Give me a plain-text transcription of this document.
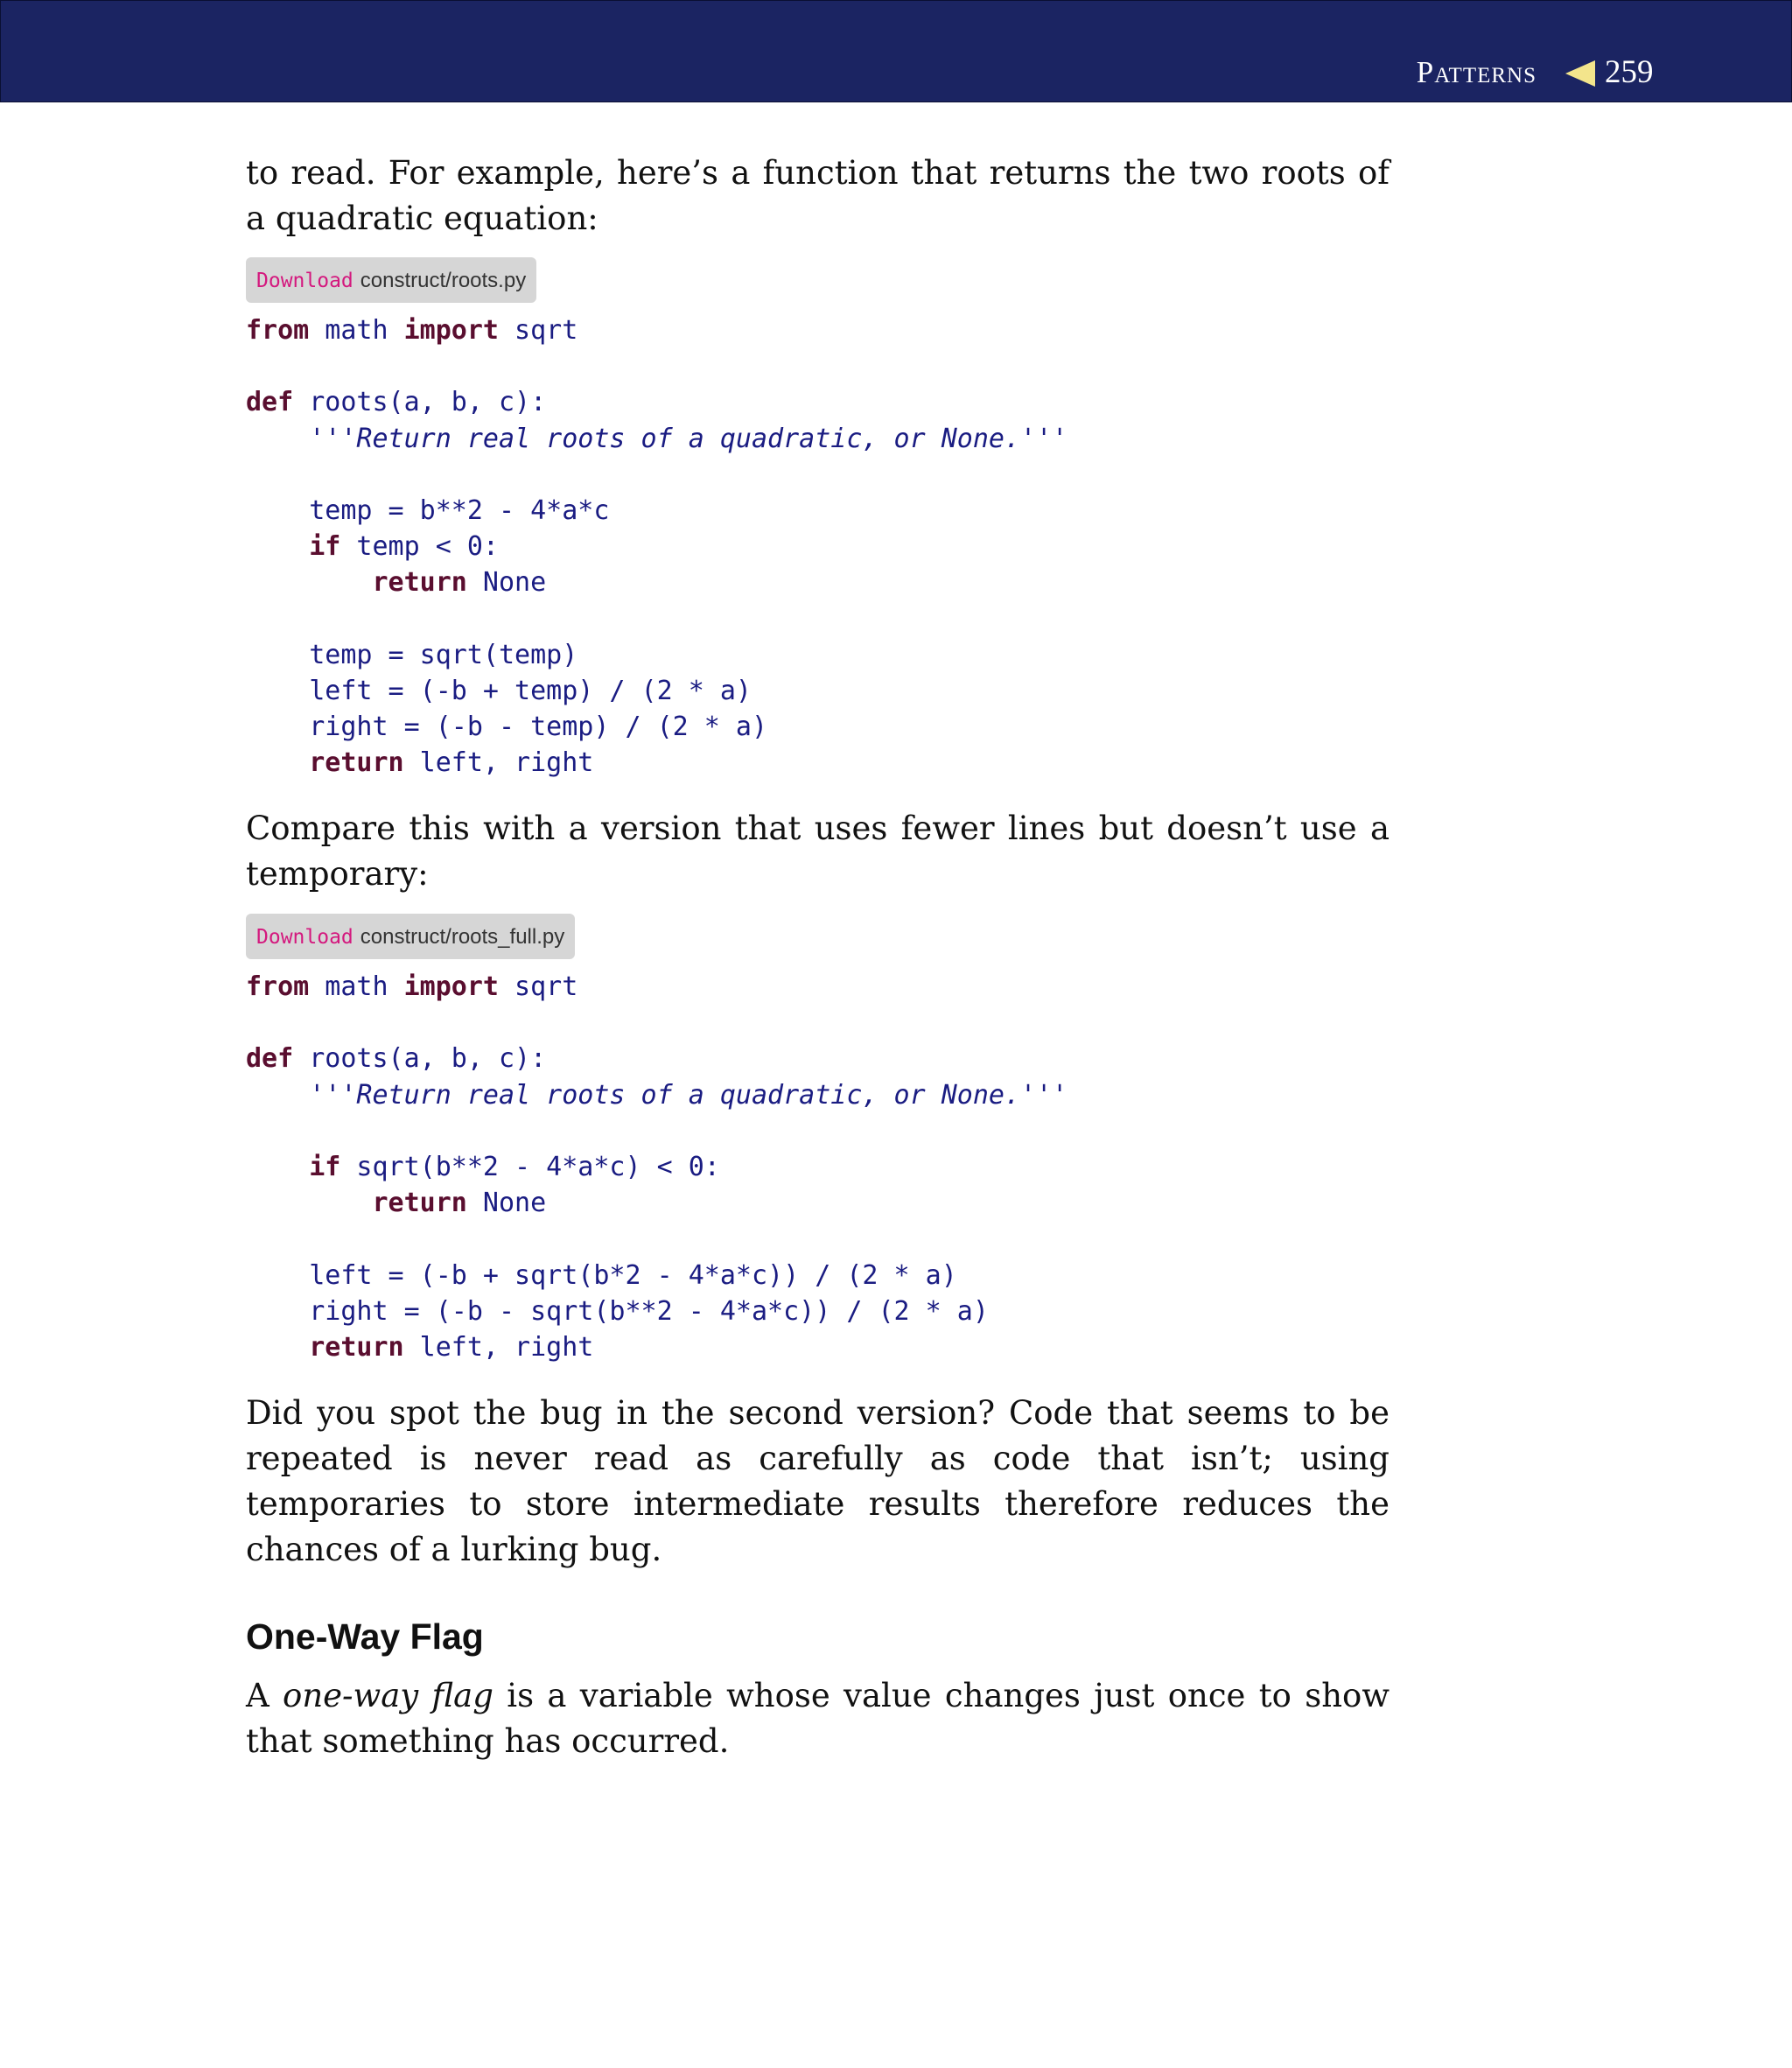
Patterns 259

to read. For example, here’s a function that returns the two roots of a quadratic equation:

Download construct/roots.py
from math import sqrt

def roots(a, b, c):
'''Return real roots of a quadratic, or None.'''

temp = b**2 - 4*a*c
if temp < 0:
return None

temp = sqrt(temp)
left = (-b + temp) / (2 * a)
right = (-b - temp) / (2 * a)
return left, right

Compare this with a version that uses fewer lines but doesn’t use a temporary:

Download construct/roots_full.py
from math import sqrt

def roots(a, b, c):
'''Return real roots of a quadratic, or None.'''

if sqrt(b**2 - 4*a*c) < 0:
return None

left = (-b + sqrt(b*2 - 4*a*c)) / (2 * a)
right = (-b - sqrt(b**2 - 4*a*c)) / (2 * a)
return left, right

Did you spot the bug in the second version? Code that seems to be repeated is never read as carefully as code that isn’t; using temporaries to store intermediate results therefore reduces the chances of a lurking bug.

One-Way Flag

A one-way flag is a variable whose value changes just once to show that something has occurred.
